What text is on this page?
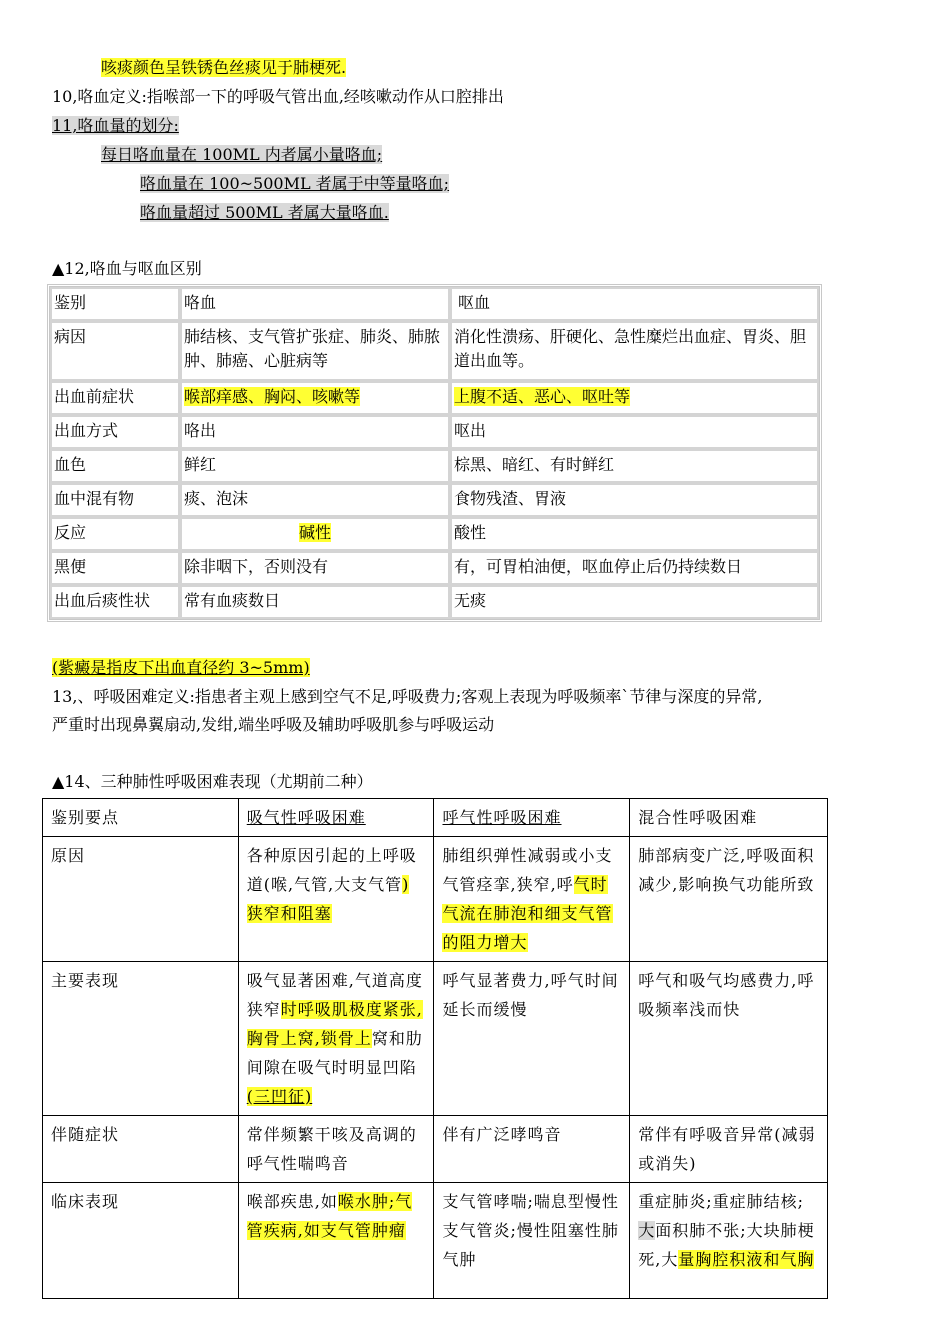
咳痰颜色呈铁锈色丝痰见于肺梗死.
10,咯血定义:指喉部一下的呼吸气管出血,经咳嗽动作从口腔排出
11,咯血量的划分:
每日咯血量在 100ML 内者属小量咯血;
咯血量在 100~500ML 者属于中等量咯血;
咯血量超过 500ML 者属大量咯血.
▲12,咯血与呕血区别
鉴别	咯血	呕血
病因	肺结核、支气管扩张症、肺炎、肺脓肿、肺癌、心脏病等	消化性溃疡、肝硬化、急性糜烂出血症、胃炎、胆道出血等。
出血前症状	喉部痒感、胸闷、咳嗽等	上腹不适、恶心、呕吐等
出血方式	咯出	呕出
血色	鲜红	棕黑、暗红、有时鲜红
血中混有物	痰、泡沫	食物残渣、胃液
反应	碱性	酸性
黑便	除非咽下，否则没有	有，可胃柏油便，呕血停止后仍持续数日
出血后痰性状	常有血痰数日	无痰
(紫癜是指皮下出血直径约 3~5mm)
13,、呼吸困难定义:指患者主观上感到空气不足,呼吸费力;客观上表现为呼吸频率`节律与深度的异常,
严重时出现鼻翼扇动,发绀,端坐呼吸及辅助呼吸肌参与呼吸运动
▲14、三种肺性呼吸困难表现（尤期前二种）
鉴别要点	吸气性呼吸困难	呼气性呼吸困难	混合性呼吸困难
原因	各种原因引起的上呼吸道(喉,气管,大支气管)狭窄和阻塞	肺组织弹性减弱或小支气管痉挛,狭窄,呼气时气流在肺泡和细支气管的阻力增大	肺部病变广泛,呼吸面积减少,影响换气功能所致
主要表现	吸气显著困难,气道高度狭窄时呼吸肌极度紧张,胸骨上窝,锁骨上窝和肋间隙在吸气时明显凹陷(三凹征)	呼气显著费力,呼气时间延长而缓慢	呼气和吸气均感费力,呼吸频率浅而快
伴随症状	常伴频繁干咳及高调的呼气性喘鸣音	伴有广泛哮鸣音	常伴有呼吸音异常(减弱或消失)
临床表现	喉部疾患,如喉水肿;气管疾病,如支气管肿瘤	支气管哮喘;喘息型慢性支气管炎;慢性阻塞性肺气肿	重症肺炎;重症肺结核;大面积肺不张;大块肺梗死,大量胸腔积液和气胸
